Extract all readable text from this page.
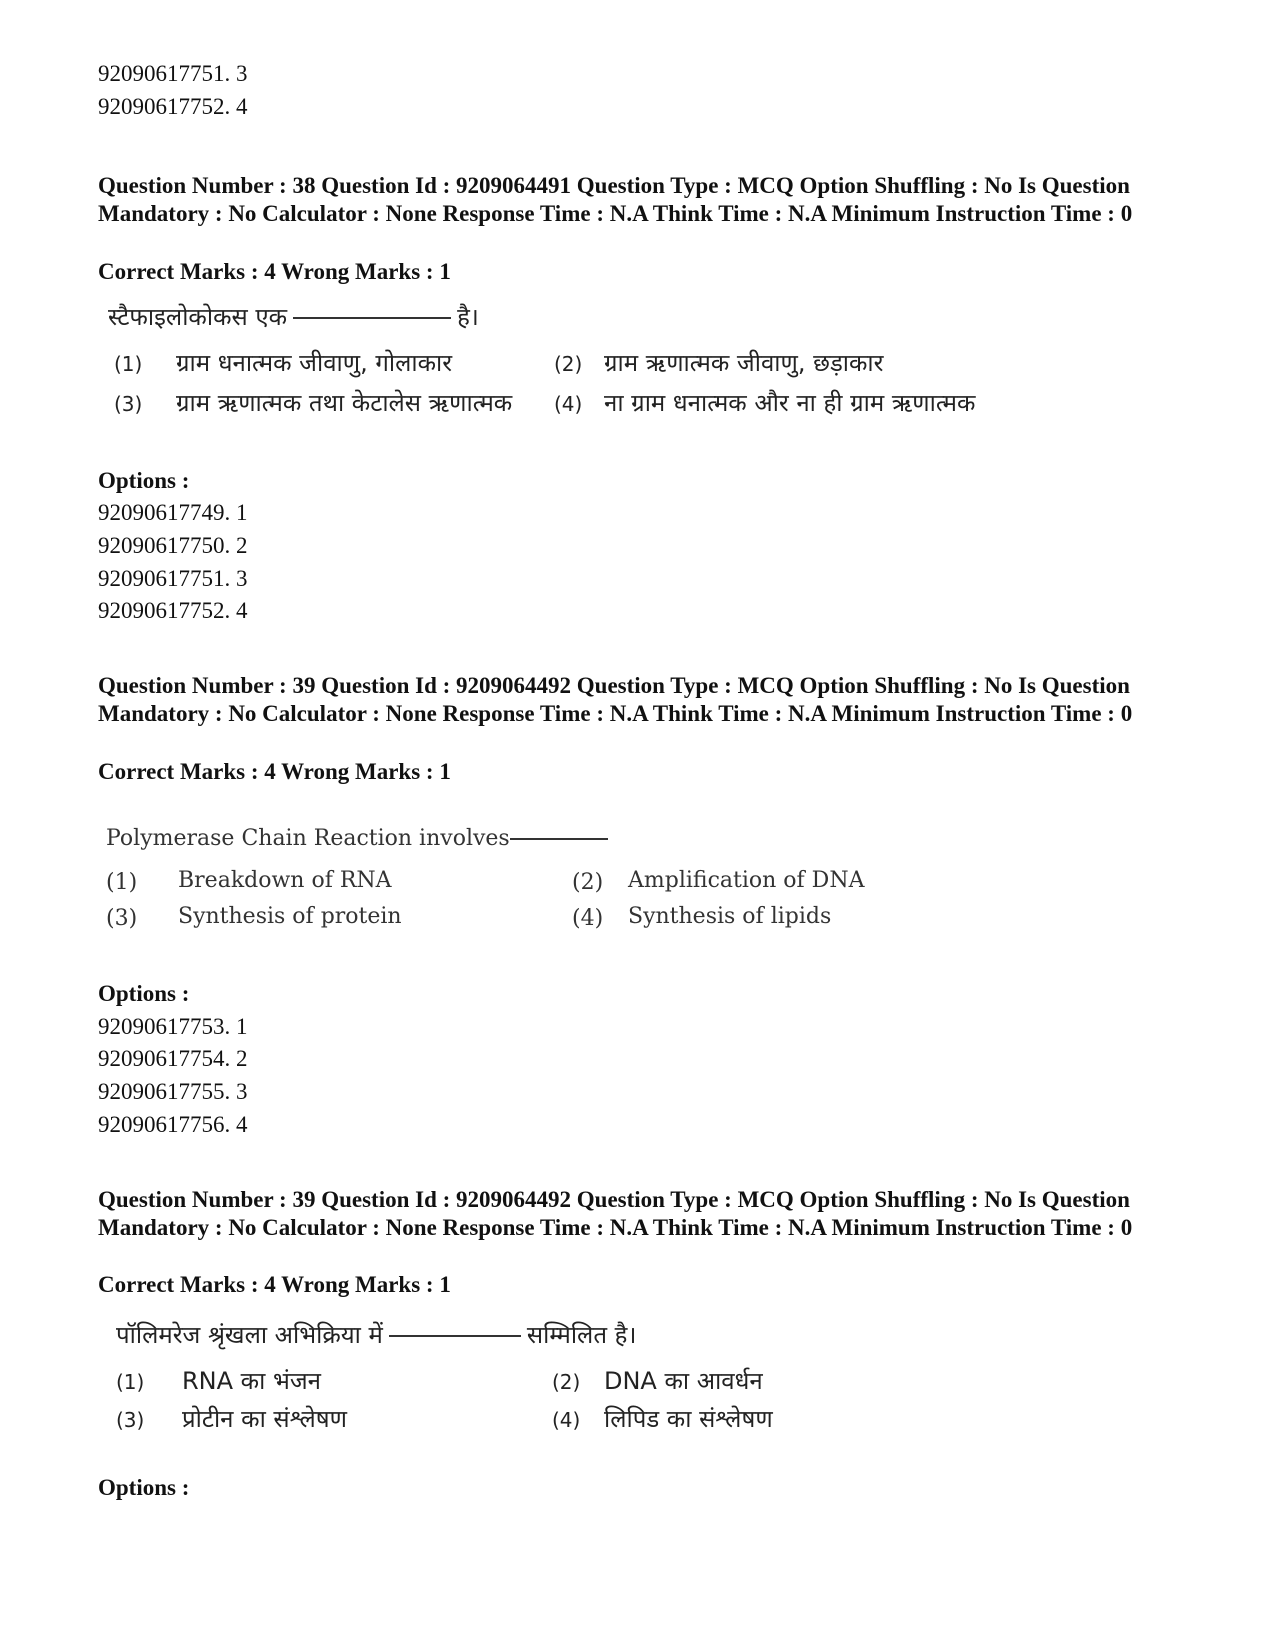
92090617751. 3
92090617752. 4
Question Number : 38 Question Id : 9209064491 Question Type : MCQ Option Shuffling : No Is Question Mandatory : No Calculator : None Response Time : N.A Think Time : N.A Minimum Instruction Time : 0
Correct Marks : 4 Wrong Marks : 1
स्टैफाइलोकोकस एक	है।
(1) ग्राम धनात्मक जीवाणु, गोलाकार	(2) ग्राम ऋणात्मक जीवाणु, छड़ाकार
(3) ग्राम ऋणात्मक तथा केटालेस ऋणात्मक (4) ना ग्राम धनात्मक और ना ही ग्राम ऋणात्मक
Options :
92090617749. 1
92090617750. 2
92090617751. 3
92090617752. 4
Question Number : 39 Question Id : 9209064492 Question Type : MCQ Option Shuffling : No Is Question Mandatory : No Calculator : None Response Time : N.A Think Time : N.A Minimum Instruction Time : 0
Correct Marks : 4 Wrong Marks : 1
Polymerase Chain Reaction involves
(1) Breakdown of RNA	(2) Amplification of DNA
(3) Synthesis of protein	(4) Synthesis of lipids
Options :
92090617753. 1
92090617754. 2
92090617755. 3
92090617756. 4
Question Number : 39 Question Id : 9209064492 Question Type : MCQ Option Shuffling : No Is Question Mandatory : No Calculator : None Response Time : N.A Think Time : N.A Minimum Instruction Time : 0
Correct Marks : 4 Wrong Marks : 1
पॉलिमरेज श्रृंखला अभिक्रिया में	सम्मिलित है।
(1) RNA का भंजन	(2) DNA का आवर्धन
(3) प्रोटीन का संश्लेषण	(4) लिपिड का संश्लेषण
Options :
